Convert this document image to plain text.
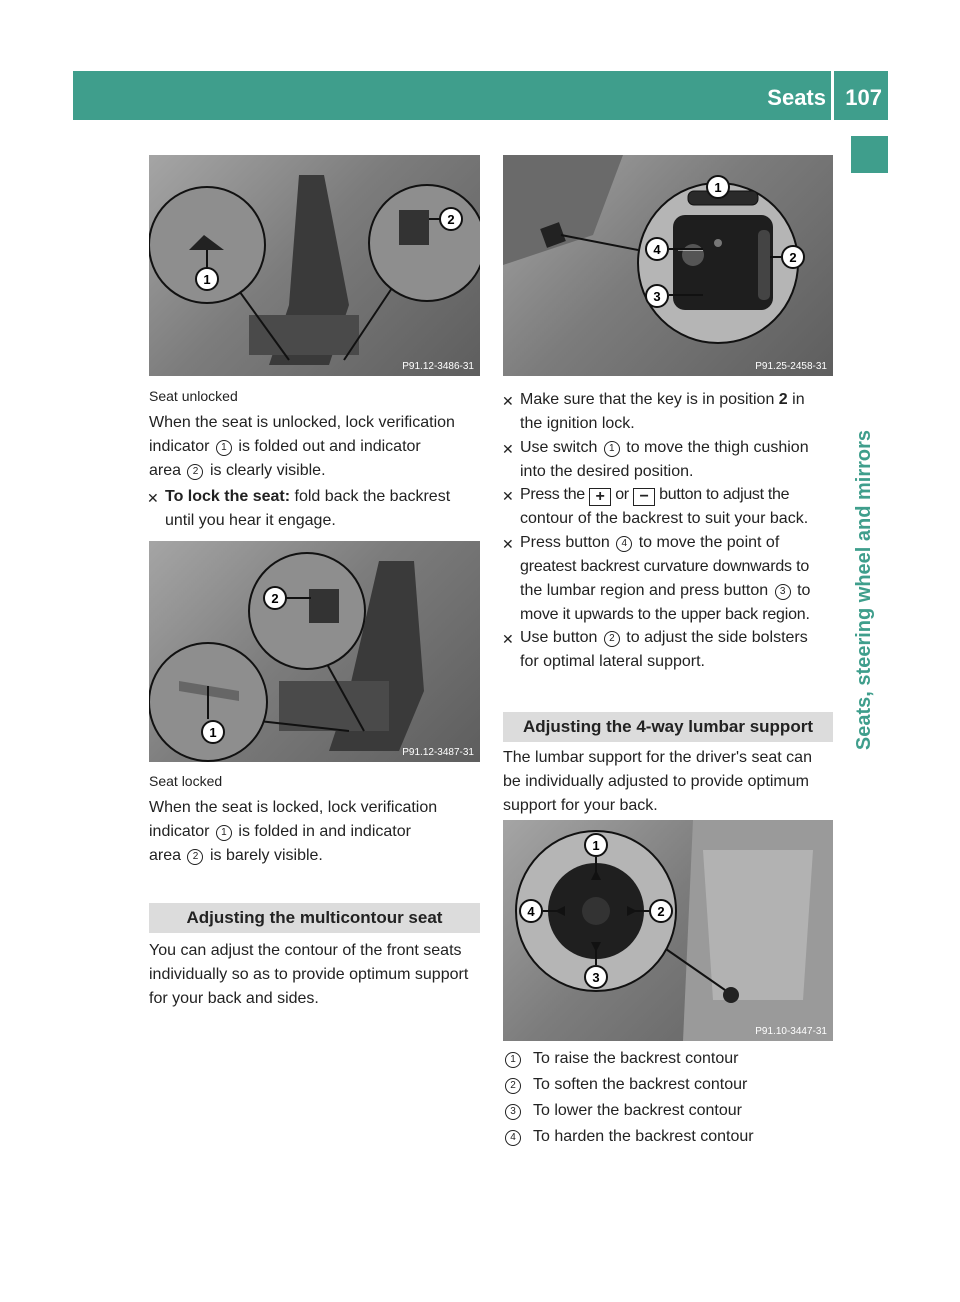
Seats 107
Seats, steering wheel and mirrors
1
2
P91.12-3486-31
Seat unlocked
When the seat is unlocked, lock verification
indicator 1 is folded out and indicator
area 2 is clearly visible.
✕ To lock the seat: fold back the backrest
until you hear it engage.
1
2
P91.12-3487-31
Seat locked
When the seat is locked, lock verification
indicator 1 is folded in and indicator
area 2 is barely visible.
Adjusting the multicontour seat
You can adjust the contour of the front seats
individually so as to provide optimum support
for your back and sides.
1
2
3
4
P91.25-2458-31
✕ Make sure that the key is in position 2 in
the ignition lock.
✕ Use switch 1 to move the thigh cushion
into the desired position.
✕ Press the + or − button to adjust the
contour of the backrest to suit your back.
✕ Press button 4 to move the point of
greatest backrest curvature downwards to
the lumbar region and press button 3 to
move it upwards to the upper back region.
✕ Use button 2 to adjust the side bolsters
for optimal lateral support.
Adjusting the 4-way lumbar support
The lumbar support for the driver's seat can
be individually adjusted to provide optimum
support for your back.
1
2
3
4
P91.10-3447-31
1 To raise the backrest contour
2 To soften the backrest contour
3 To lower the backrest contour
4 To harden the backrest contour
